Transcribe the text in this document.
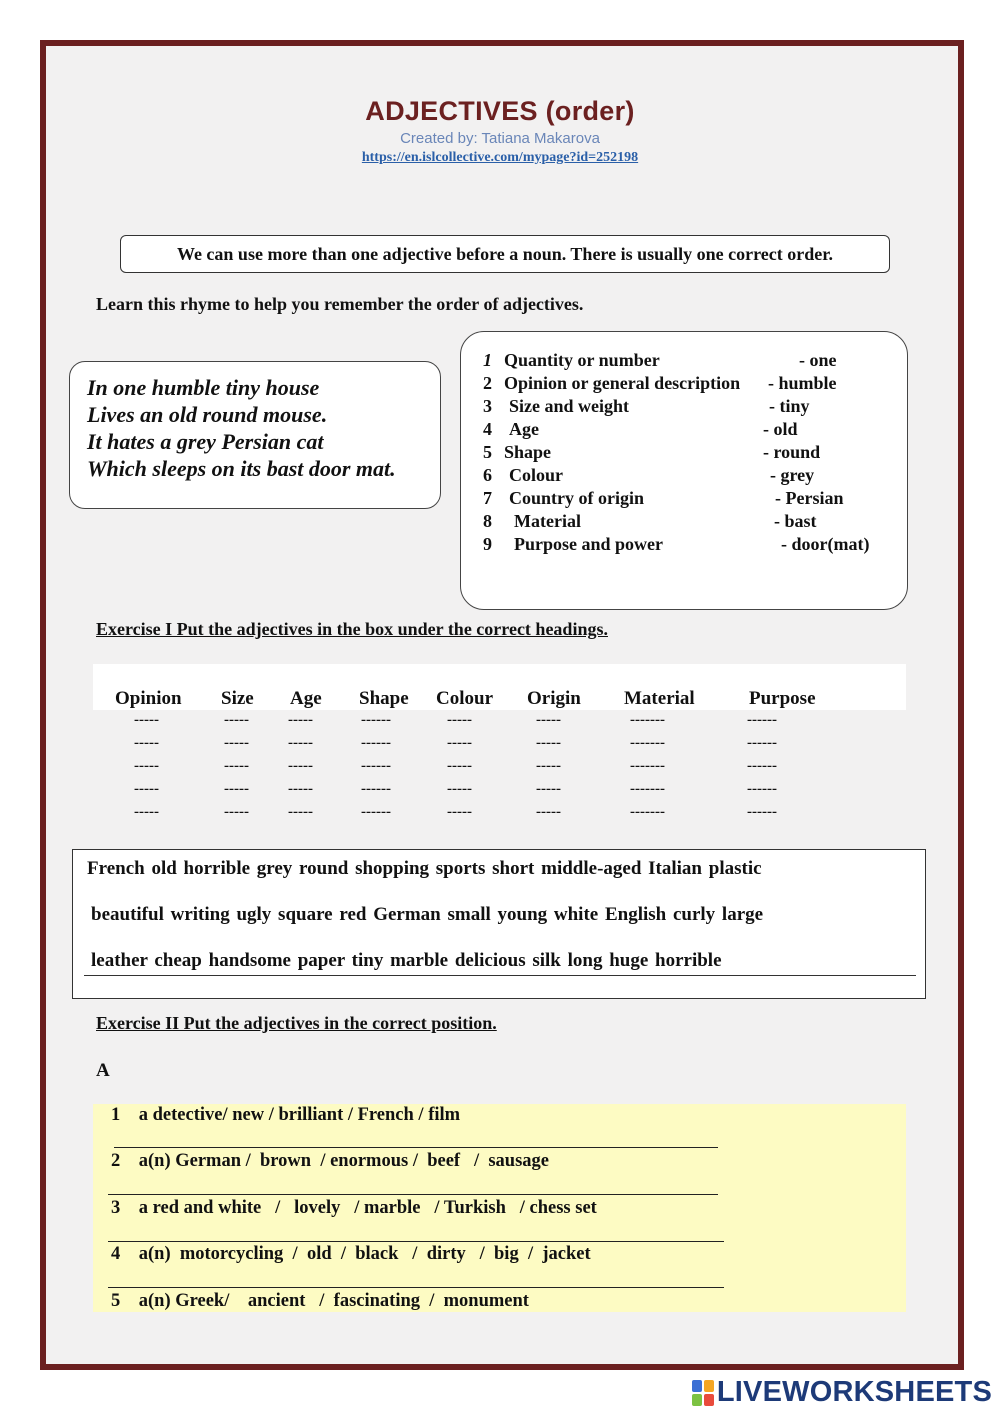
ADJECTIVES (order)
Created by: Tatiana Makarova
https://en.islcollective.com/mypage?id=252198
We can use more than one adjective before a noun. There is usually one correct order.
Learn this rhyme to help you remember the order of adjectives.
In one humble tiny house
Lives an old round mouse.
It hates a grey Persian cat
Which sleeps on its bast door mat.
1 Quantity or number	- one
2 Opinion or general description - humble
3 Size and weight	- tiny
4 Age	- old
5 Shape	- round
6 Colour	- grey
7 Country of origin	- Persian
8 Material	- bast
9 Purpose and power	- door(mat)
Exercise I Put the adjectives in the box under the correct headings.
Opinion Size Age Shape Colour Origin Material	Purpose
-----	-----	-----	------	-----	-----	-------	------
-----	-----	-----	------	-----	-----	-------	------
-----	-----	-----	------	-----	-----	-------	------
-----	-----	-----	------	-----	-----	-------	------
-----	-----	-----	------	-----	-----	-------	------
French old horrible grey round shopping sports short middle-aged Italian plastic
beautiful writing ugly square red German small young white English curly large
leather cheap handsome paper tiny marble delicious silk long huge horrible
Exercise II Put the adjectives in the correct position.
A
1    a detective/ new / brilliant / French / film
2    a(n) German /  brown  / enormous /  beef   /  sausage
3    a red and white   /   lovely   / marble   / Turkish   / chess set
4    a(n)  motorcycling  /  old  /  black   /  dirty   /  big  /  jacket
5    a(n) Greek/    ancient   /  fascinating  /  monument
LIVEWORKSHEETS
